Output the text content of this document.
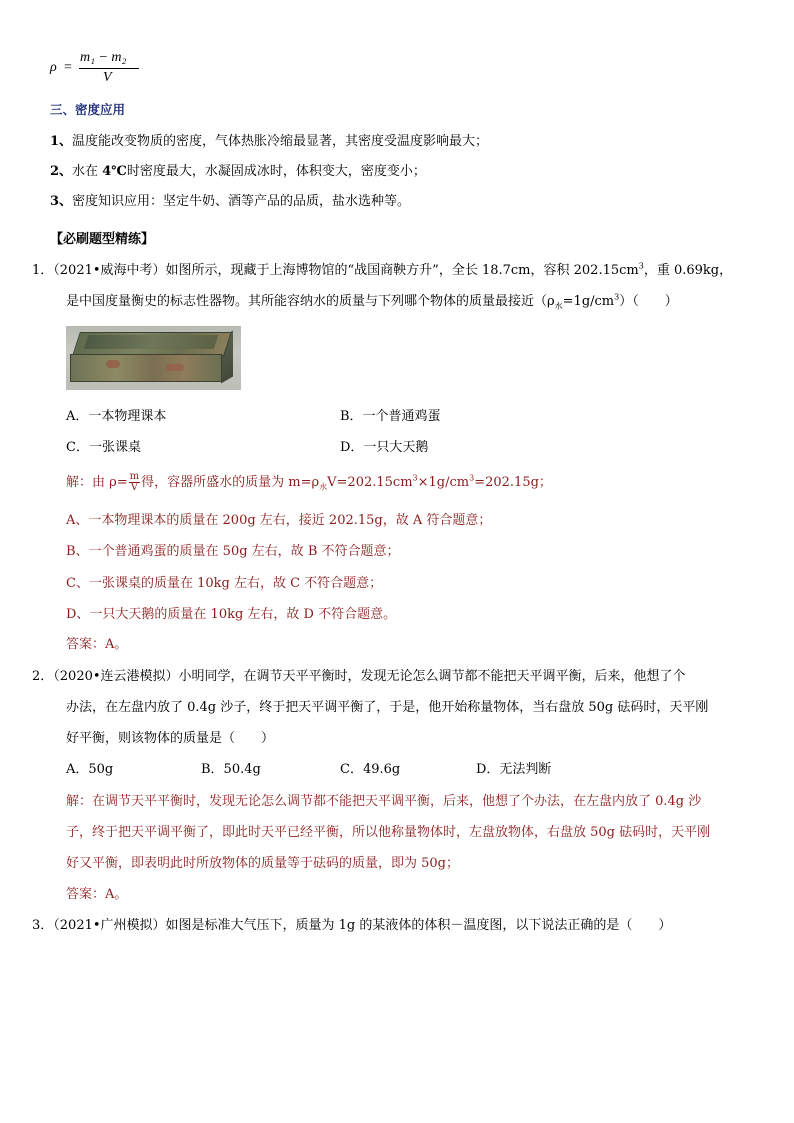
ρ =
m₁ − m₂
V
三、密度应用
1、温度能改变物质的密度，气体热胀冷缩最显著，其密度受温度影响最大；
2、水在 4℃时密度最大，水凝固成冰时，体积变大，密度变小；
3、密度知识应用：坚定牛奶、酒等产品的品质，盐水选种等。
【必刷题型精练】
1．（2021•威海中考）如图所示，现藏于上海博物馆的“战国商鞅方升”，全长 18.7cm，容积 $202.15cm^3$，重 0.69kg，
是中国度量衡史的标志性器物。其所能容纳水的质量与下列哪个物体的质量最接近$(\rho_水=1g/cm^3)$（　　）
A．一本物理课本	B．一个普通鸡蛋
C．一张课桌	D．一只大天鹅
解：由 $\rho= \frac{m}{V}$ 得，容器所盛水的质量为 $m=\rho_水V=202.15cm^3\times 1g/cm^3=202.15g$；
A、一本物理课本的质量在 200g 左右，接近 202.15g，故 A 符合题意；
B、一个普通鸡蛋的质量在 50g 左右，故 B 不符合题意；
C、一张课桌的质量在 10kg 左右，故 C 不符合题意；
D、一只大天鹅的质量在 10kg 左右，故 D 不符合题意。
答案：A。
2．（2020•连云港模拟）小明同学，在调节天平平衡时，发现无论怎么调节都不能把天平调平衡，后来，他想了个
办法，在左盘内放了 0.4g 沙子，终于把天平调平衡了，于是，他开始称量物体，当右盘放 50g 砝码时，天平刚
好平衡，则该物体的质量是（　　）
A．50g	B．50.4g	C．49.6g	D．无法判断
解：在调节天平平衡时，发现无论怎么调节都不能把天平调平衡，后来，他想了个办法，在左盘内放了 0.4g 沙
子，终于把天平调平衡了，即此时天平已经平衡，所以他称量物体时，左盘放物体，右盘放 50g 砝码时，天平刚
好又平衡，即表明此时所放物体的质量等于砝码的质量，即为 50g；
答案：A。
3．（2021•广州模拟）如图是标准大气压下，质量为 1g 的某液体的体积－温度图，以下说法正确的是（　　）
